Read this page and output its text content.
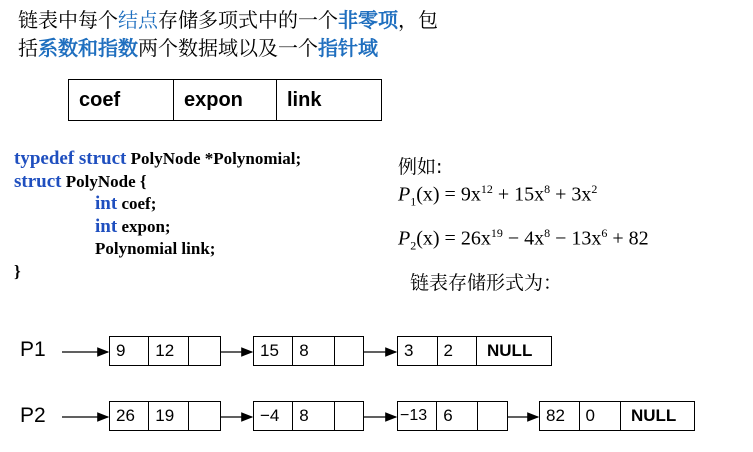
链表中每个结点存储多项式中的一个非零项，包
括系数和指数两个数据域以及一个指针域
coef	expon	link
typedef struct PolyNode *Polynomial;
struct PolyNode {
int coef;
int expon;
Polynomial link;
}
例如:
$P_1(x) = 9x^{12} + 15x^8 + 3x^2$
$P_2(x) = 26x^{19} - 4x^8 - 13x^6 + 82$
链表存储形式为：
P1
P2
9	12	15	8	3	2	NULL
26	19	−4	8	−13 6	82	0	NULL
